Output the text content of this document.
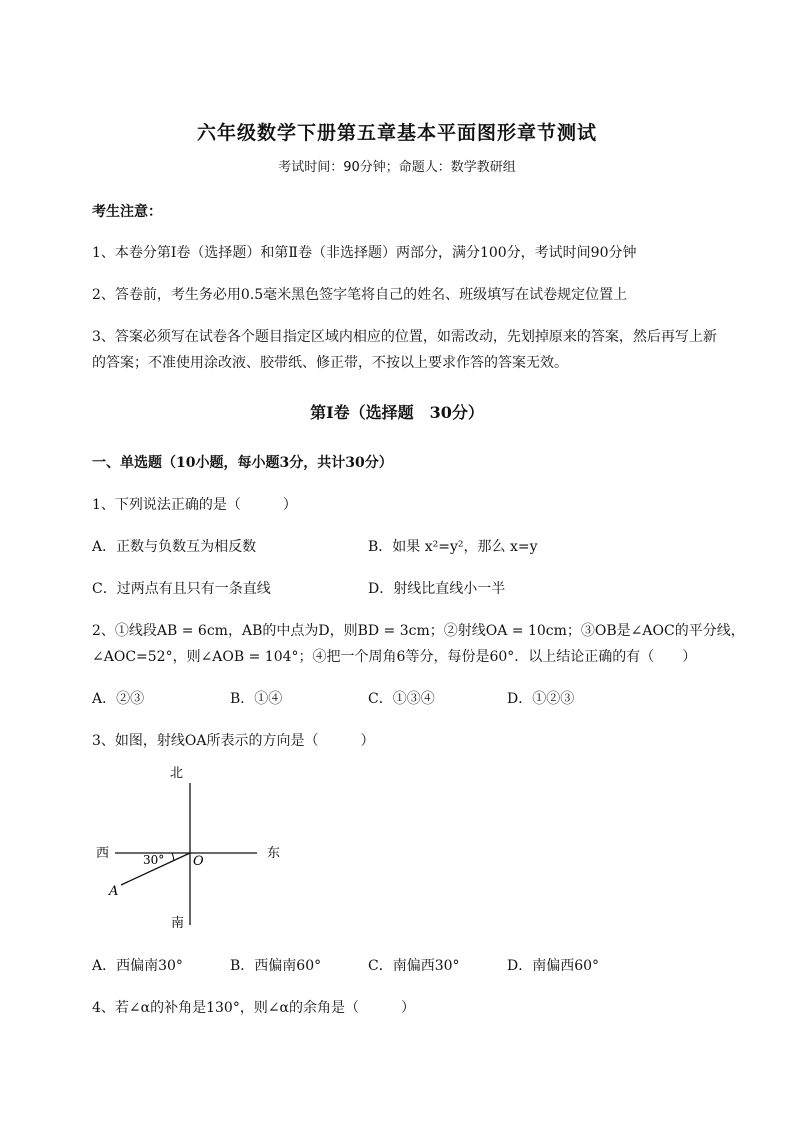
六年级数学下册第五章基本平面图形章节测试
考试时间：90分钟；命题人：数学教研组
考生注意：
1、本卷分第I卷（选择题）和第Ⅱ卷（非选择题）两部分，满分100分，考试时间90分钟
2、答卷前，考生务必用0.5毫米黑色签字笔将自己的姓名、班级填写在试卷规定位置上
3、答案必须写在试卷各个题目指定区域内相应的位置，如需改动，先划掉原来的答案，然后再写上新
的答案；不准使用涂改液、胶带纸、修正带，不按以上要求作答的答案无效。
第I卷（选择题　30分）
一、单选题（10小题，每小题3分，共计30分）
1、下列说法正确的是（　　　）
A．正数与负数互为相反数	B．如果 x²=y²，那么 x=y
C．过两点有且只有一条直线	D．射线比直线小一半
2、①线段AB = 6cm，AB的中点为D，则BD = 3cm；②射线OA = 10cm；③OB是∠AOC的平分线，
∠AOC=52°，则∠AOB = 104°；④把一个周角6等分，每份是60°．以上结论正确的有（　　）
A．②③	B．①④	C．①③④	D．①②③
3、如图，射线OA所表示的方向是（　　　）
北
南
西	东
O
A
30°
A．西偏南30°	B．西偏南60°	C．南偏西30°	D．南偏西60°
4、若∠α的补角是130°，则∠α的余角是（　　　）
